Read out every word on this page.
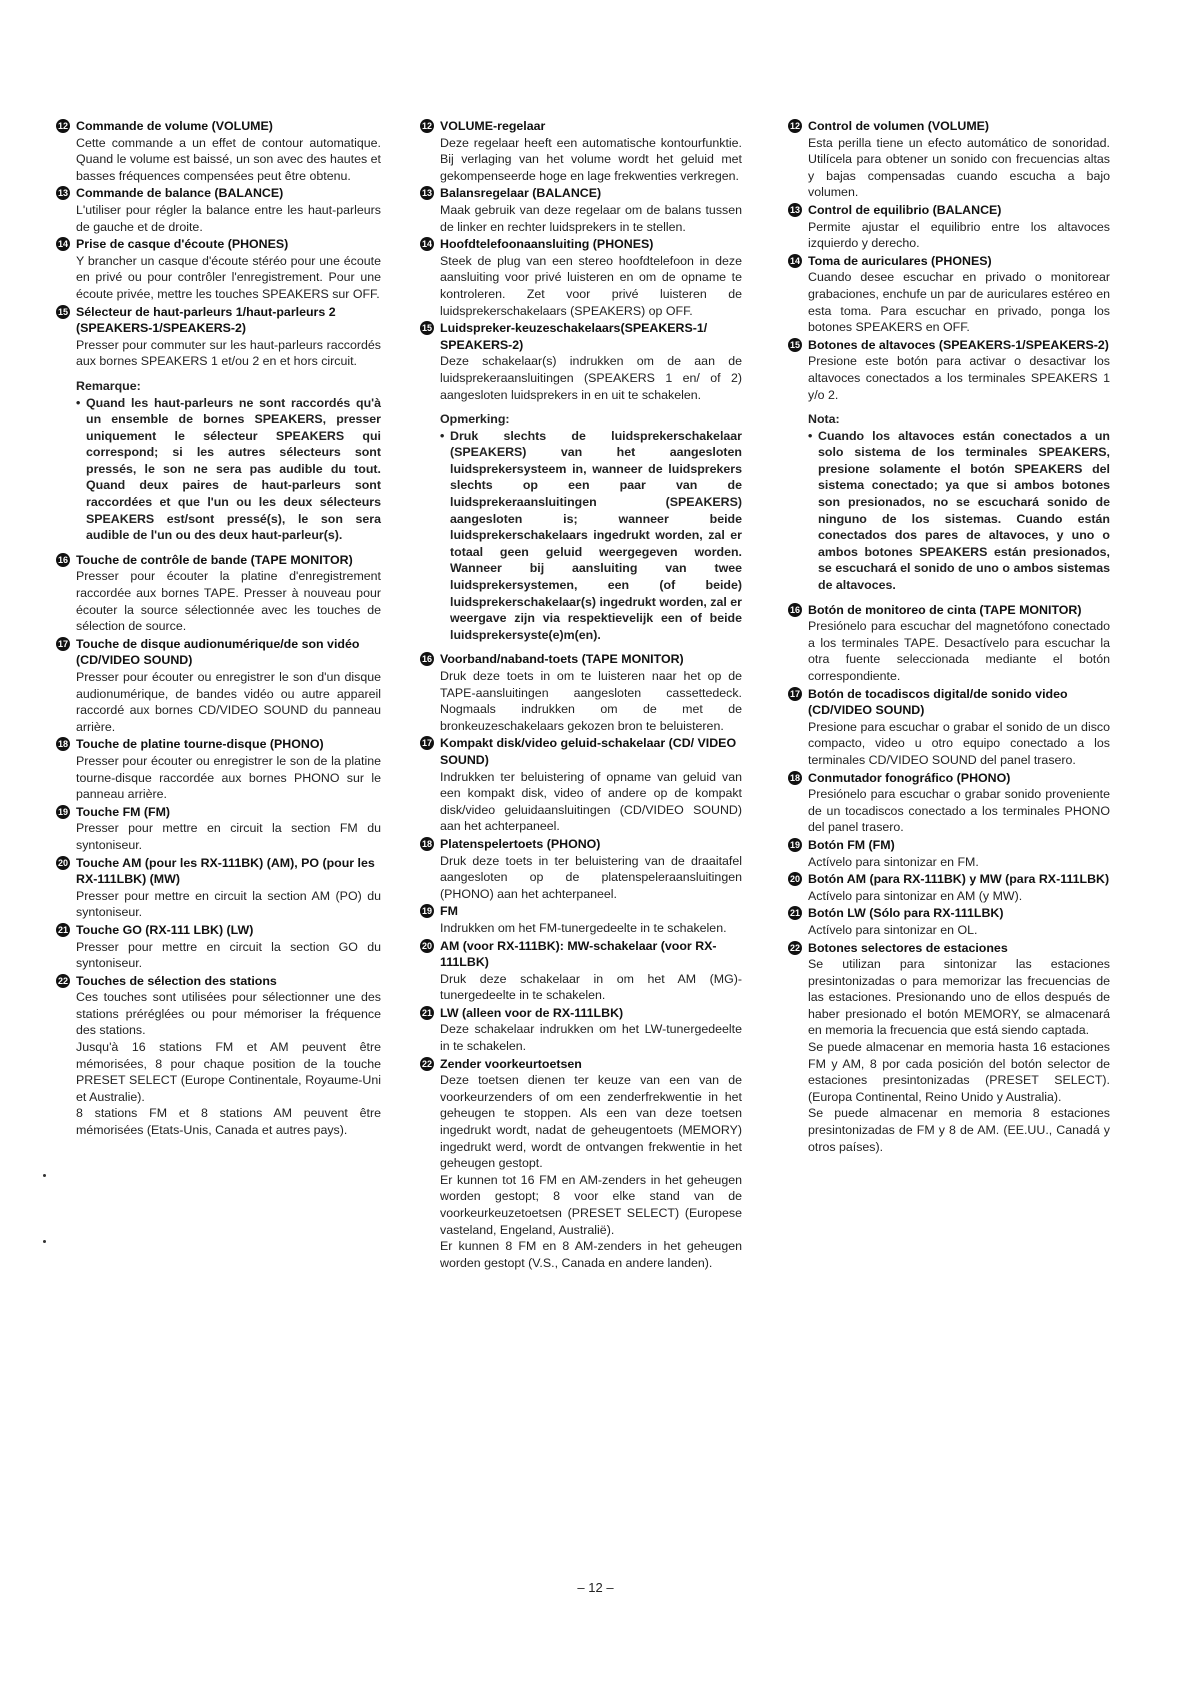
12 Commande de volume (VOLUME)

Cette commande a un effet de contour automatique. Quand le volume est baissé, un son avec des hautes et basses fréquences compensées peut être obtenu.

13 Commande de balance (BALANCE)

L'utiliser pour régler la balance entre les haut-parleurs de gauche et de droite.

14 Prise de casque d'écoute (PHONES)

Y brancher un casque d'écoute stéréo pour une écoute en privé ou pour contrôler l'enregistrement. Pour une écoute privée, mettre les touches SPEAKERS sur OFF.

15 Sélecteur de haut-parleurs 1/haut-parleurs 2 (SPEAKERS-1/SPEAKERS-2)

Presser pour commuter sur les haut-parleurs raccordés aux bornes SPEAKERS 1 et/ou 2 en et hors circuit.

Remarque:
• Quand les haut-parleurs ne sont raccordés qu'à un ensemble de bornes SPEAKERS, presser uniquement le sélecteur SPEAKERS qui correspond; si les autres sélecteurs sont pressés, le son ne sera pas audible du tout. Quand deux paires de haut-parleurs sont raccordées et que l'un ou les deux sélecteurs SPEAKERS est/sont pressé(s), le son sera audible de l'un ou des deux haut-parleur(s).

16 Touche de contrôle de bande (TAPE MONITOR)

Presser pour écouter la platine d'enregistrement raccordée aux bornes TAPE. Presser à nouveau pour écouter la source sélectionnée avec les touches de sélection de source.

17 Touche de disque audionumérique/de son vidéo (CD/VIDEO SOUND)

Presser pour écouter ou enregistrer le son d'un disque audionumérique, de bandes vidéo ou autre appareil raccordé aux bornes CD/VIDEO SOUND du panneau arrière.

18 Touche de platine tourne-disque (PHONO)

Presser pour écouter ou enregistrer le son de la platine tourne-disque raccordée aux bornes PHONO sur le panneau arrière.

19 Touche FM (FM)

Presser pour mettre en circuit la section FM du syntoniseur.

20 Touche AM (pour les RX-111BK) (AM), PO (pour les RX-111LBK) (MW)

Presser pour mettre en circuit la section AM (PO) du syntoniseur.

21 Touche GO (RX-111 LBK) (LW)

Presser pour mettre en circuit la section GO du syntoniseur.

22 Touches de sélection des stations

Ces touches sont utilisées pour sélectionner une des stations préréglées ou pour mémoriser la fréquence des stations.

Jusqu'à 16 stations FM et AM peuvent être mémorisées, 8 pour chaque position de la touche PRESET SELECT (Europe Continentale, Royaume-Uni et Australie).

8 stations FM et 8 stations AM peuvent être mémorisées (Etats-Unis, Canada et autres pays).

12 VOLUME-regelaar

Deze regelaar heeft een automatische kontourfunktie. Bij verlaging van het volume wordt het geluid met gekompenseerde hoge en lage frekwenties verkregen.

13 Balansregelaar (BALANCE)

Maak gebruik van deze regelaar om de balans tussen de linker en rechter luidsprekers in te stellen.

14 Hoofdtelefoonaansluiting (PHONES)

Steek de plug van een stereo hoofdtelefoon in deze aansluiting voor privé luisteren en om de opname te kontroleren. Zet voor privé luisteren de luidsprekerschakelaars (SPEAKERS) op OFF.

15 Luidspreker-keuzeschakelaars(SPEAKERS-1/ SPEAKERS-2)

Deze schakelaar(s) indrukken om de aan de luidsprekeraansluitingen (SPEAKERS 1 en/ of 2) aangesloten luidsprekers in en uit te schakelen.

Opmerking:
• Druk slechts de luidsprekerschakelaar (SPEAKERS) van het aangesloten luidsprekersysteem in, wanneer de luidsprekers slechts op een paar van de luidsprekeraansluitingen (SPEAKERS) aangesloten is; wanneer beide luidsprekerschakelaars ingedrukt worden, zal er totaal geen geluid weergegeven worden. Wanneer bij aansluiting van twee luidsprekersystemen, een (of beide) luidsprekerschakelaar(s) ingedrukt worden, zal er weergave zijn via respektievelijk een of beide luidsprekersyste(e)m(en).

16 Voorband/naband-toets (TAPE MONITOR)

Druk deze toets in om te luisteren naar het op de TAPE-aansluitingen aangesloten cassettedeck. Nogmaals indrukken om de met de bronkeuzeschakelaars gekozen bron te beluisteren.

17 Kompakt disk/video geluid-schakelaar (CD/ VIDEO SOUND)

Indrukken ter beluistering of opname van geluid van een kompakt disk, video of andere op de kompakt disk/video geluidaansluitingen (CD/VIDEO SOUND) aan het achterpaneel.

18 Platenspelertoets (PHONO)

Druk deze toets in ter beluistering van de draaitafel aangesloten op de platenspeleraansluitingen (PHONO) aan het achterpaneel.

19 FM

Indrukken om het FM-tunergedeelte in te schakelen.

20 AM (voor RX-111BK): MW-schakelaar (voor RX-111LBK)

Druk deze schakelaar in om het AM (MG)-tunergedeelte in te schakelen.

21 LW (alleen voor de RX-111LBK)

Deze schakelaar indrukken om het LW-tunergedeelte in te schakelen.

22 Zender voorkeurtoetsen

Deze toetsen dienen ter keuze van een van de voorkeurzenders of om een zenderfrekwentie in het geheugen te stoppen. Als een van deze toetsen ingedrukt wordt, nadat de geheugentoets (MEMORY) ingedrukt werd, wordt de ontvangen frekwentie in het geheugen gestopt.

Er kunnen tot 16 FM en AM-zenders in het geheugen worden gestopt; 8 voor elke stand van de voorkeurkeuzetoetsen (PRESET SELECT) (Europese vasteland, Engeland, Australië).

Er kunnen 8 FM en 8 AM-zenders in het geheugen worden gestopt (V.S., Canada en andere landen).

12 Control de volumen (VOLUME)

Esta perilla tiene un efecto automático de sonoridad. Utilícela para obtener un sonido con frecuencias altas y bajas compensadas cuando escucha a bajo volumen.

13 Control de equilibrio (BALANCE)

Permite ajustar el equilibrio entre los altavoces izquierdo y derecho.

14 Toma de auriculares (PHONES)

Cuando desee escuchar en privado o monitorear grabaciones, enchufe un par de auriculares estéreo en esta toma. Para escuchar en privado, ponga los botones SPEAKERS en OFF.

15 Botones de altavoces (SPEAKERS-1/SPEAKERS-2)

Presione este botón para activar o desactivar los altavoces conectados a los terminales SPEAKERS 1 y/o 2.

Nota:
• Cuando los altavoces están conectados a un solo sistema de los terminales SPEAKERS, presione solamente el botón SPEAKERS del sistema conectado; ya que si ambos botones son presionados, no se escuchará sonido de ninguno de los sistemas. Cuando están conectados dos pares de altavoces, y uno o ambos botones SPEAKERS están presionados, se escuchará el sonido de uno o ambos sistemas de altavoces.

16 Botón de monitoreo de cinta (TAPE MONITOR)

Presiónelo para escuchar del magnetófono conectado a los terminales TAPE. Desactívelo para escuchar la otra fuente seleccionada mediante el botón correspondiente.

17 Botón de tocadiscos digital/de sonido video (CD/VIDEO SOUND)

Presione para escuchar o grabar el sonido de un disco compacto, video u otro equipo conectado a los terminales CD/VIDEO SOUND del panel trasero.

18 Conmutador fonográfico (PHONO)

Presiónelo para escuchar o grabar sonido proveniente de un tocadiscos conectado a los terminales PHONO del panel trasero.

19 Botón FM (FM)

Actívelo para sintonizar en FM.

20 Botón AM (para RX-111BK) y MW (para RX-111LBK)

Actívelo para sintonizar en AM (y MW).

21 Botón LW (Sólo para RX-111LBK)

Actívelo para sintonizar en OL.

22 Botones selectores de estaciones

Se utilizan para sintonizar las estaciones presintonizadas o para memorizar las frecuencias de las estaciones. Presionando uno de ellos después de haber presionado el botón MEMORY, se almacenará en memoria la frecuencia que está siendo captada.

Se puede almacenar en memoria hasta 16 estaciones FM y AM, 8 por cada posición del botón selector de estaciones presintonizadas (PRESET SELECT). (Europa Continental, Reino Unido y Australia).

Se puede almacenar en memoria 8 estaciones presintonizadas de FM y 8 de AM. (EE.UU., Canadá y otros países).

– 12 –
